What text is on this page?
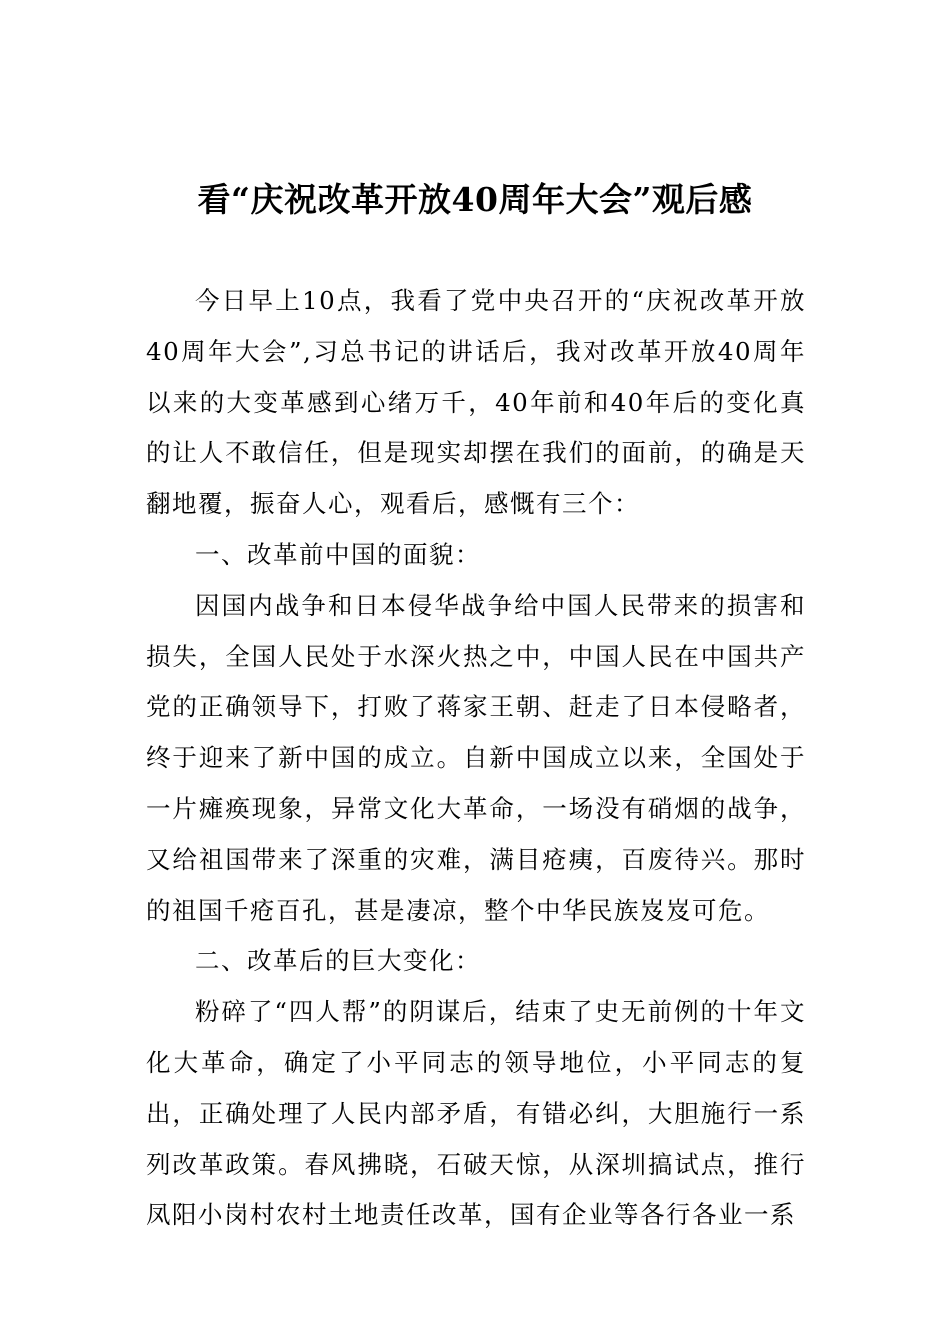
看“庆祝改革开放40周年大会”观后感

今日早上10点，我看了党中央召开的“庆祝改革开放40周年大会”,习总书记的讲话后，我对改革开放40周年以来的大变革感到心绪万千，40年前和40年后的变化真的让人不敢信任，但是现实却摆在我们的面前，的确是天翻地覆，振奋人心，观看后，感慨有三个：

一、改革前中国的面貌：

因国内战争和日本侵华战争给中国人民带来的损害和损失，全国人民处于水深火热之中，中国人民在中国共产党的正确领导下，打败了蒋家王朝、赶走了日本侵略者，终于迎来了新中国的成立。自新中国成立以来，全国处于一片瘫痪现象，异常文化大革命，一场没有硝烟的战争，又给祖国带来了深重的灾难，满目疮痍，百废待兴。那时的祖国千疮百孔，甚是凄凉，整个中华民族岌岌可危。

二、改革后的巨大变化：

粉碎了“四人帮”的阴谋后，结束了史无前例的十年文化大革命，确定了小平同志的领导地位，小平同志的复出，正确处理了人民内部矛盾，有错必纠，大胆施行一系列改革政策。春风拂晓，石破天惊，从深圳搞试点，推行凤阳小岗村农村土地责任改革，国有企业等各行各业一系
